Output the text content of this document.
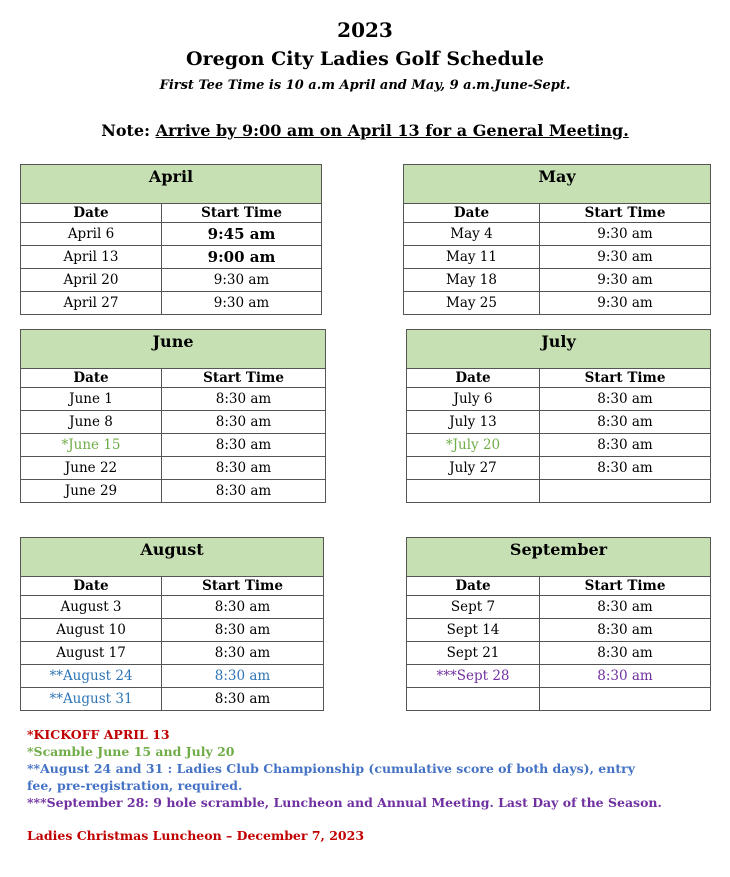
2023
Oregon City Ladies Golf Schedule
First Tee Time is 10 a.m April and May, 9 a.m.June-Sept.
Note: Arrive by 9:00 am on April 13 for a General Meeting.
April	
Date	Start Time
April 6	9:45 am
April 13	9:00 am
April 20	9:30 am
April 27	9:30 am
May	
Date	Start Time
May 4	9:30 am
May 11	9:30 am
May 18	9:30 am
May 25	9:30 am
June	
Date	Start Time
June 1	8:30 am
June 8	8:30 am
*June 15	8:30 am
June 22	8:30 am
June 29	8:30 am
July	
Date	Start Time
July 6	8:30 am
July 13	8:30 am
*July 20	8:30 am
July 27	8:30 am

August	
Date	Start Time
August 3	8:30 am
August 10	8:30 am
August 17	8:30 am
**August 24	8:30 am
**August 31	8:30 am
September	
Date	Start Time
Sept 7	8:30 am
Sept 14	8:30 am
Sept 21	8:30 am
***Sept 28	8:30 am

*KICKOFF APRIL 13
*Scamble June 15 and July 20
**August 24 and 31 : Ladies Club Championship (cumulative score of both days), entry fee, pre-registration, required.
***September 28: 9 hole scramble, Luncheon and Annual Meeting. Last Day of the Season.
Ladies Christmas Luncheon – December 7, 2023
